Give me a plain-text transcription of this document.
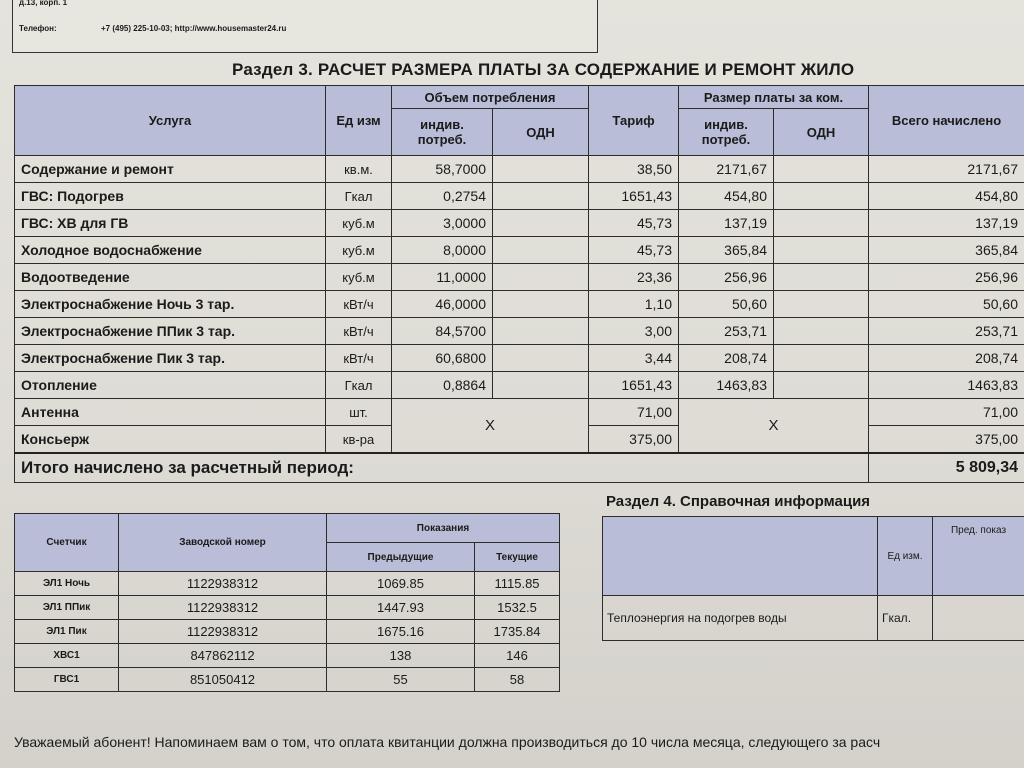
д.13, корп. 1
Телефон:	+7 (495) 225-10-03; http://www.housemaster24.ru
Раздел 3. РАСЧЕТ РАЗМЕРА ПЛАТЫ ЗА СОДЕРЖАНИЕ И РЕМОНТ ЖИЛО
Услуга	Ед изм	Объем потребления		Тариф	Размер платы за ком.		Всего начислено
		индив. потреб.	ОДН		индив. потреб.	ОДН	
Содержание и ремонт	кв.м.	58,7000		38,50	2171,67		2171,67
ГВС: Подогрев	Гкал	0,2754		1651,43	454,80		454,80
ГВС: ХВ для ГВ	куб.м	3,0000		45,73	137,19		137,19
Холодное водоснабжение	куб.м	8,0000		45,73	365,84		365,84
Водоотведение	куб.м	11,0000		23,36	256,96		256,96
Электроснабжение Ночь 3 тар.	кВт/ч	46,0000		1,10	50,60		50,60
Электроснабжение ППик 3 тар.	кВт/ч	84,5700		3,00	253,71		253,71
Электроснабжение Пик 3 тар.	кВт/ч	60,6800		3,44	208,74		208,74
Отопление	Гкал	0,8864		1651,43	1463,83		1463,83
Антенна	шт.	Х		71,00	Х		71,00
Консьерж	кв-ра			375,00			375,00
Итого начислено за расчетный период:							5 809,34
Счетчик	Заводской номер	Показания	
		Предыдущие	Текущие
ЭЛ1 Ночь	1122938312	1069.85	1115.85
ЭЛ1 ППик	1122938312	1447.93	1532.5
ЭЛ1 Пик	1122938312	1675.16	1735.84
ХВС1	847862112	138	146
ГВС1	851050412	55	58
Раздел 4. Справочная информация
	Ед изм.	Пред. показ
Теплоэнергия на подогрев воды	Гкал.	
Уважаемый абонент! Напоминаем вам о том, что оплата квитанции должна производиться до 10 числа месяца, следующего за расч
